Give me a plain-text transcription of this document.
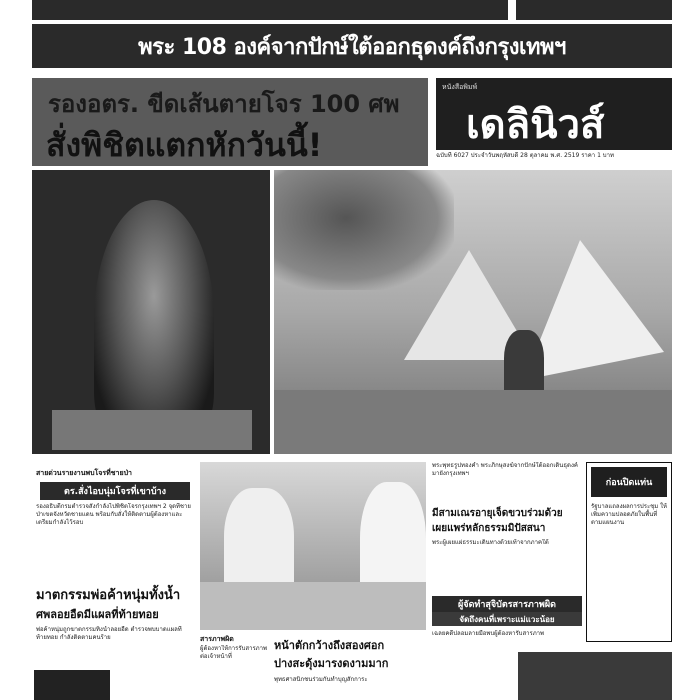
พระ 108 องค์จากปักษ์ใต้ออกธุดงค์ถึงกรุงเทพฯ
รองอตร. ขีดเส้นตายโจร 100 ศพ
สั่งพิชิตแตกหักวันนี้!
หนังสือพิมพ์
เดลินิวส์
ฉบับที่ 6027 ประจำวันพฤหัสบดี 28 ตุลาคม พ.ศ. 2519 ราคา 1 บาท
สายด่วนรายงานพบโจรที่ชายป่า
ตร.สั่งไอบนุ่มโจรที่เขาบ้าง
รองอธิบดีกรมตำรวจสั่งกำลังไปพิชิตโจรกรุงเทพฯ 2 จุดที่ชายป่าเขตจังหวัดชายแดน พร้อมกับสั่งให้ติดตามผู้ต้องหาและเตรียมกำลังไว้รอบ
มาตกรรมพ่อค้าหนุ่มทั้งน้ำ
ศพลอยอืดมีแผลที่ท้ายทอย
พ่อค้าหนุ่มถูกฆาตกรรมทิ้งน้ำลอยอืด ตำรวจพบบาดแผลที่ท้ายทอย กำลังติดตามคนร้าย	สารภาพผิด
ผู้ต้องหาให้การรับสารภาพต่อเจ้าหน้าที่
หน้าตักกว้างถึงสองศอก
ปางสะดุ้งมารงดงามมาก
พุทธศาสนิกชนร่วมกันทำบุญสักการะ
พระพุทธรูปทองคำ พระภิกษุสงฆ์จากปักษ์ใต้ออกเดินธุดงค์มายังกรุงเทพฯ
มีสามเณรอายุเจ็ดขวบร่วมด้วย
เผยแพร่หลักธรรมมิปัสสนา
พระผู้เผยแผ่ธรรมะเดินทางด้วยเท้าจากภาคใต้
ก่อนปิดแท่น
รัฐบาลแถลงผลการประชุม ให้เพิ่มความปลอดภัยในพื้นที่ตามแผนงาน
ผู้จัดทำสุจิบัตรสารภาพผิด
จัดถึงคนที่เพราะแม่แวะน้อย
เฉลยคดีปลอมลายมือพบผู้ต้องหารับสารภาพ
